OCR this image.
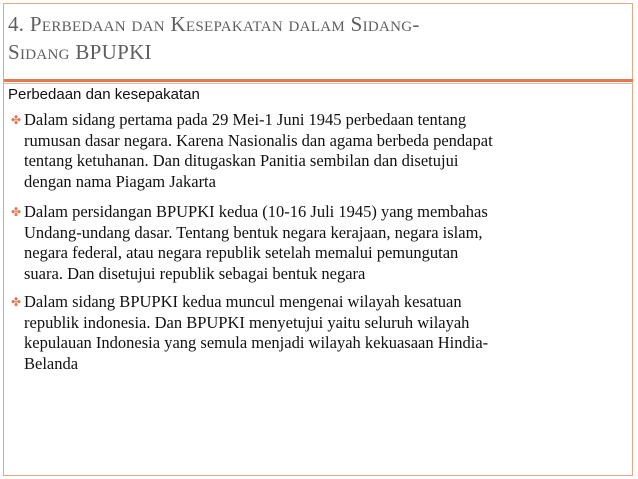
4. Perbedaan dan Kesepakatan dalam Sidang-
Sidang BPUPKI
Perbedaan dan kesepakatan
✤ Dalam sidang pertama pada 29 Mei-1 Juni 1945 perbedaan tentang
rumusan dasar negara. Karena Nasionalis dan agama berbeda pendapat
tentang ketuhanan. Dan ditugaskan Panitia sembilan dan disetujui
dengan nama Piagam Jakarta
✤ Dalam persidangan BPUPKI kedua (10-16 Juli 1945) yang membahas
Undang-undang dasar. Tentang bentuk negara kerajaan, negara islam,
negara federal, atau negara republik setelah memalui pemungutan
suara. Dan disetujui republik sebagai bentuk negara
✤ Dalam sidang BPUPKI kedua muncul mengenai wilayah kesatuan
republik indonesia. Dan BPUPKI menyetujui yaitu seluruh wilayah
kepulauan Indonesia yang semula menjadi wilayah kekuasaan Hindia-
Belanda
